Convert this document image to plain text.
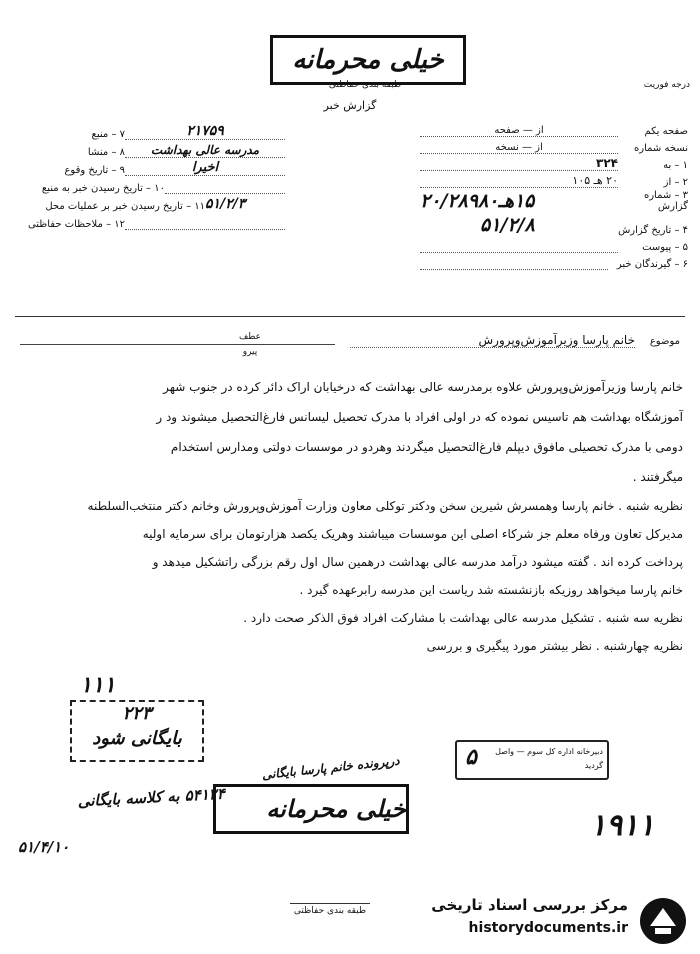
خیلی محرمانه
طبقه بندی حفاظتی
گزارش خبر
درجه فوریت
۷ – منبع	۲۱۷۵۹
۸ – منشا	مدرسه عالی بهداشت
۹ – تاریخ وقوع	اخیرا
۱۰ – تاریخ رسیدن خبر به منبع
۱۱ – تاریخ رسیدن خبر بر عملیات محل ۵۱/۲/۳
۱۲ – ملاحظات حفاظتی
صفحه یکم
از — صفحه
نسخه شماره
از — نسخه
۱ – به
۳۲۴
۲ – از
۲۰ هـ ۱۰۵
۳ – شماره گزارش
۱۵هـ۲۰/۲۸۹۸۰
۴ – تاریخ گزارش
۵۱/۲/۸
۵ – پیوست
۶ – گیرندگان خبر
موضوع
خانم پارسا وزیرآموزش‌وپرورش
عطف
پیرو
خانم پارسا وزیرآموزش‌وپرورش علاوه برمدرسه عالی بهداشت که درخیابان اراک دائر کرده در جنوب شهر
آموزشگاه بهداشت هم تاسیس نموده که در اولی افراد با مدرک تحصیل لیسانس فارغ‌التحصیل میشوند ود ر
دومی با مدرک تحصیلی مافوق دیپلم فارغ‌التحصیل میگردند وهردو در موسسات دولتی ومدارس استخدام
میگرفتند .
نظریه شنبه . خانم پارسا وهمسرش شیرین سخن ودکتر توکلی معاون وزارت آموزش‌وپرورش وخانم دکتر منتخب‌السلطنه
مدیرکل تعاون ورفاه معلم جز شرکاء اصلی این موسسات میباشند وهریک یکصد هزارتومان برای سرمایه اولیه
پرداخت کرده اند . گفته میشود درآمد مدرسه عالی بهداشت درهمین سال اول رقم بزرگی راتشکیل میدهد و
خانم پارسا میخواهد روزیکه بازنشسته شد ریاست این مدرسه رابرعهده گیرد .
نظریه سه شنبه . تشکیل مدرسه عالی بهداشت با مشارکت افراد فوق الذکر صحت دارد .
نظریه چهارشنبه . نظر بیشتر مورد پیگیری و بررسی
۱۱۱
۲۲۳
بایگانی شود
۵ دبیرخانه اداره کل سوم — واصل گردید
درپرونده خانم پارسا بایگانی
۵۴۱۲۴ به کلاسه بایگانی	خیلی محرمانه	۱۹۱۱
۵۱/۴/۱۰
طبقه بندی حفاظتی	مرکز بررسی اسناد تاریخی
historydocuments.ir
